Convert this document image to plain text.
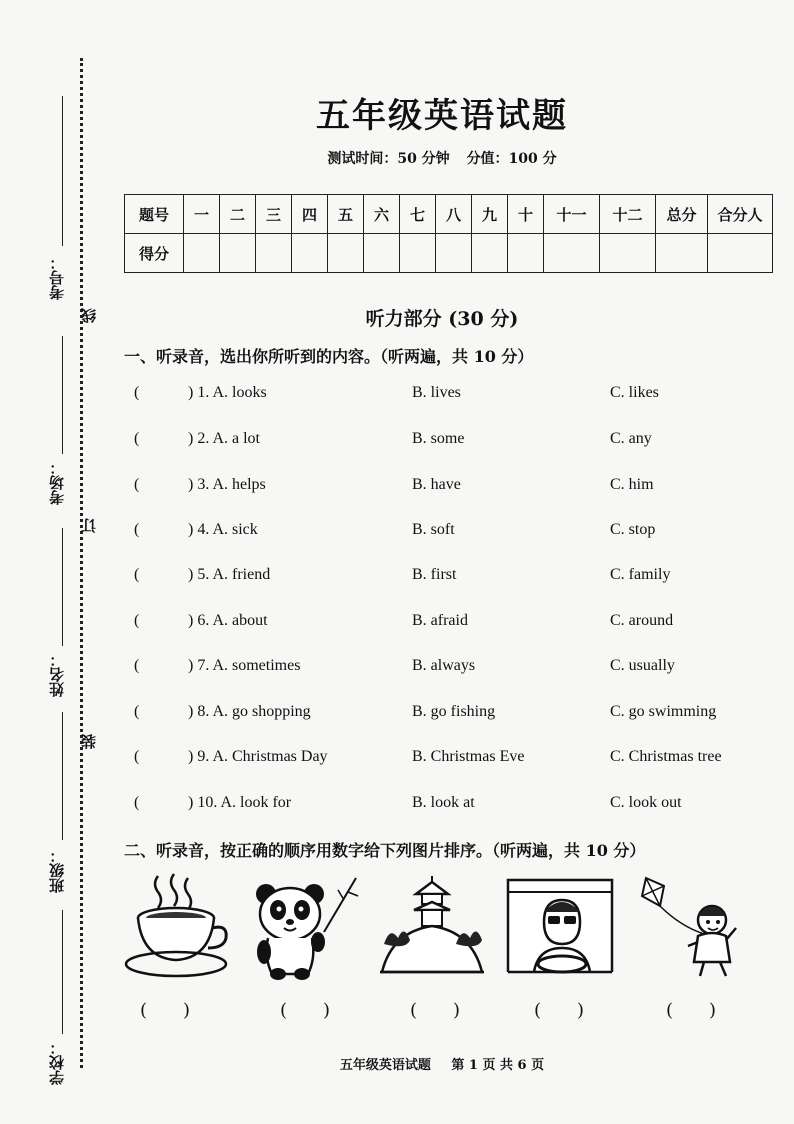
考号：
考场：
姓名：
班级：
学校：
线
订
装
五年级英语试题
测试时间：50 分钟 分值：100 分
题号	一	二	三	四	五	六	七	八	九	十	十一	十二	总分	合分人
得分														
听力部分 (30 分)
一、听录音，选出你所听到的内容。（听两遍，共 10 分）
(	) 1. A. looks	B. lives	C. likes
(	) 2. A. a lot	B. some	C. any
(	) 3. A. helps	B. have	C. him
(	) 4. A. sick	B. soft	C. stop
(	) 5. A. friend	B. first	C. family
(	) 6. A. about	B. afraid	C. around
(	) 7. A. sometimes	B. always	C. usually
(	) 8. A. go shopping	B. go fishing	C. go swimming
(	) 9. A. Christmas Day	B. Christmas Eve	C. Christmas tree
(	) 10. A. look for	B. look at	C. look out
二、听录音，按正确的顺序用数字给下列图片排序。（听两遍，共 10 分）
( )	( )	( )	( )	( )
五年级英语试题 第 1 页 共 6 页
